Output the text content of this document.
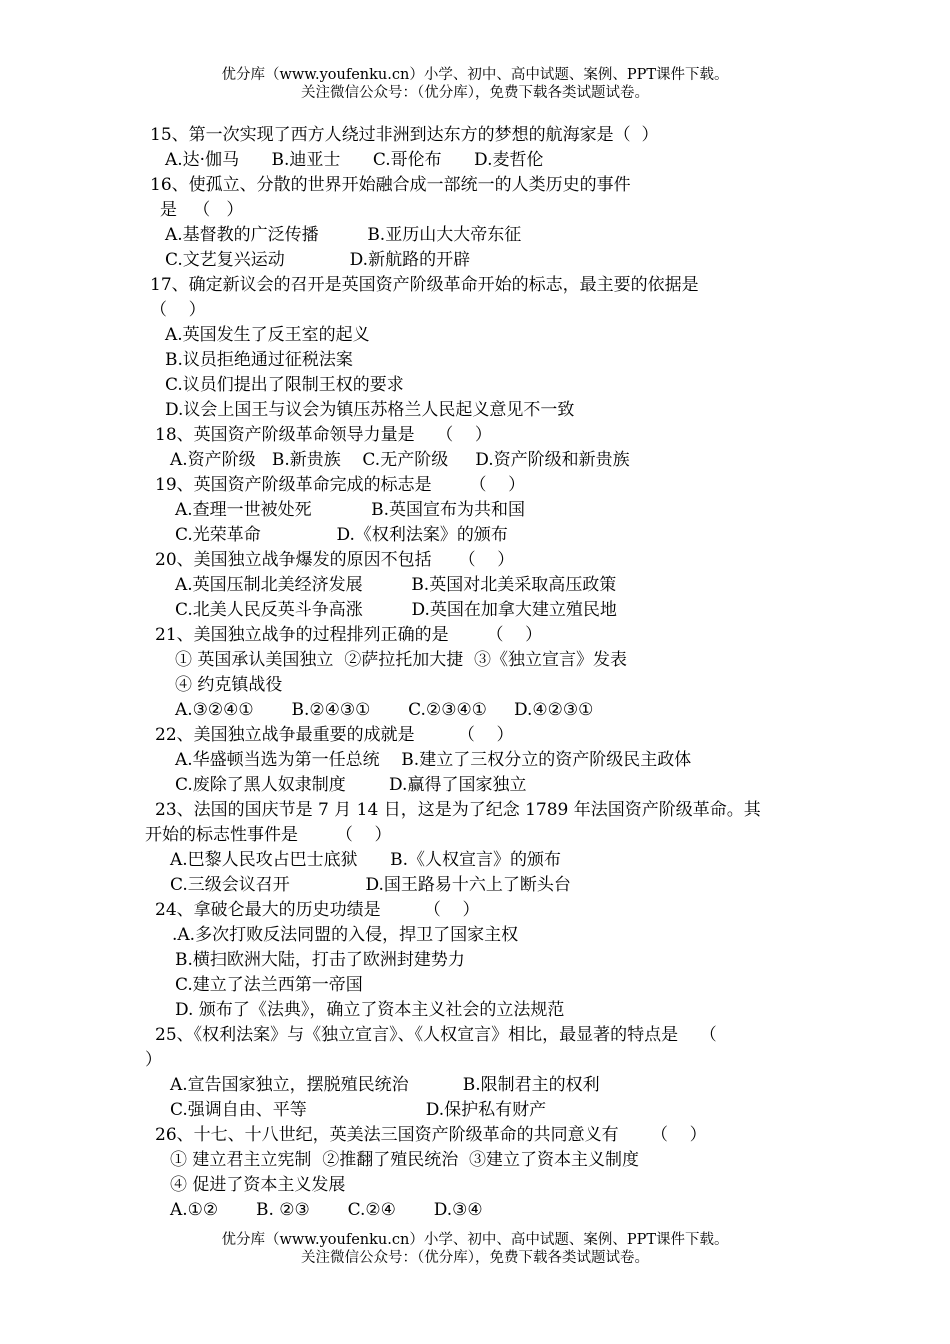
优分库（www.youfenku.cn）小学、初中、高中试题、案例、PPT课件下载。
关注微信公众号：（优分库），免费下载各类试题试卷。
15、第一次实现了西方人绕过非洲到达东方的梦想的航海家是（  ）
A.达·伽马      B.迪亚士      C.哥伦布      D.麦哲伦
16、使孤立、分散的世界开始融合成一部统一的人类历史的事件
是   （   ）
A.基督教的广泛传播         B.亚历山大大帝东征
C.文艺复兴运动            D.新航路的开辟
17、确定新议会的召开是英国资产阶级革命开始的标志，最主要的依据是
（    ）
A.英国发生了反王室的起义
B.议员拒绝通过征税法案
C.议员们提出了限制王权的要求
D.议会上国王与议会为镇压苏格兰人民起义意见不一致
18、英国资产阶级革命领导力量是    （    ）
A.资产阶级   B.新贵族    C.无产阶级     D.资产阶级和新贵族
19、英国资产阶级革命完成的标志是       （    ）
A.查理一世被处死           B.英国宣布为共和国
C.光荣革命              D.《权利法案》的颁布
20、美国独立战争爆发的原因不包括     （    ）
A.英国压制北美经济发展         B.英国对北美采取高压政策
C.北美人民反英斗争高涨         D.英国在加拿大建立殖民地
21、美国独立战争的过程排列正确的是       （    ）
① 英国承认美国独立  ②萨拉托加大捷  ③《独立宣言》发表
④ 约克镇战役
A.③②④①       B.②④③①       C.②③④①     D.④②③①
22、美国独立战争最重要的成就是        （    ）
A.华盛顿当选为第一任总统    B.建立了三权分立的资产阶级民主政体
C.废除了黑人奴隶制度        D.赢得了国家独立
23、法国的国庆节是 7 月 14 日，这是为了纪念 1789 年法国资产阶级革命。其
开始的标志性事件是       （    ）
A.巴黎人民攻占巴士底狱      B.《人权宣言》的颁布
C.三级会议召开              D.国王路易十六上了断头台
24、拿破仑最大的历史功绩是        （    ）
.A.多次打败反法同盟的入侵，捍卫了国家主权
B.横扫欧洲大陆，打击了欧洲封建势力
C.建立了法兰西第一帝国
D. 颁布了《法典》，确立了资本主义社会的立法规范
25、《权利法案》与《独立宣言》、《人权宣言》相比，最显著的特点是    （
）
A.宣告国家独立，摆脱殖民统治          B.限制君主的权利
C.强调自由、平等                      D.保护私有财产
26、十七、十八世纪，英美法三国资产阶级革命的共同意义有      （    ）
① 建立君主立宪制  ②推翻了殖民统治  ③建立了资本主义制度
④ 促进了资本主义发展
A.①②       B. ②③       C.②④       D.③④
优分库（www.youfenku.cn）小学、初中、高中试题、案例、PPT课件下载。
关注微信公众号：（优分库），免费下载各类试题试卷。
